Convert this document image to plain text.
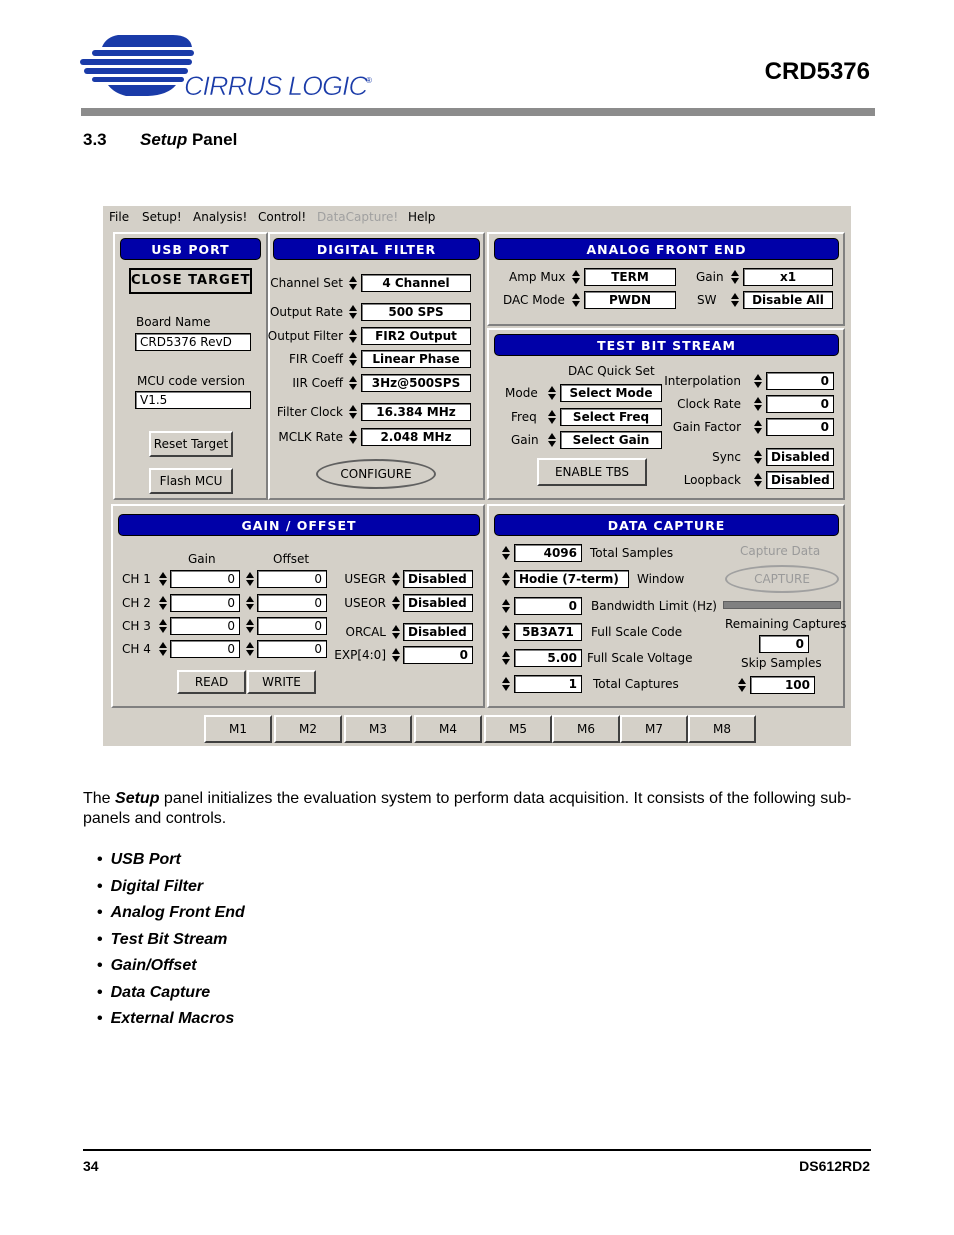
CIRRUS LOGIC
®	CRD5376
3.3 Setup Panel
File Setup! Analysis! Control! DataCapture! Help
USB PORT
CLOSE TARGET
Board Name
CRD5376 RevD
MCU code version
V1.5
Reset Target
Flash MCU
DIGITAL FILTER
Channel Set	4 Channel
Output Rate	500 SPS
Output Filter	FIR2 Output
FIR Coeff	Linear Phase
IIR Coeff	3Hz@500SPS
Filter Clock	16.384 MHz
MCLK Rate	2.048 MHz
CONFIGURE
ANALOG FRONT END
Amp Mux	TERM
DAC Mode	PWDN
Gain	x1
SW	Disable All
TEST BIT STREAM
DAC Quick Set
Mode	Select Mode
Freq	Select Freq
Gain	Select Gain
ENABLE TBS
Interpolation	0
Clock Rate	0
Gain Factor	0
Sync	Disabled
Loopback	Disabled
GAIN / OFFSET
Gain	Offset
CH 1	0	0
CH 2	0	0
CH 3	0	0
CH 4	0	0
USEGR	Disabled
USEOR	Disabled
ORCAL	Disabled
EXP[4:0]	0
READ	WRITE
DATA CAPTURE
4096	Total Samples
Hodie (7-term)	Window
0	Bandwidth Limit (Hz)
5B3A71	Full Scale Code
5.00 Full Scale Voltage
1	Total Captures
Capture Data
CAPTURE
Remaining Captures
0
Skip Samples
100
M1	M2	M3	M4	M5	M6	M7	M8
The Setup panel initializes the evaluation system to perform data acquisition. It consists of the following sub-panels and controls.
• USB Port
• Digital Filter
• Analog Front End
• Test Bit Stream
• Gain/Offset
• Data Capture
• External Macros
34	DS612RD2
